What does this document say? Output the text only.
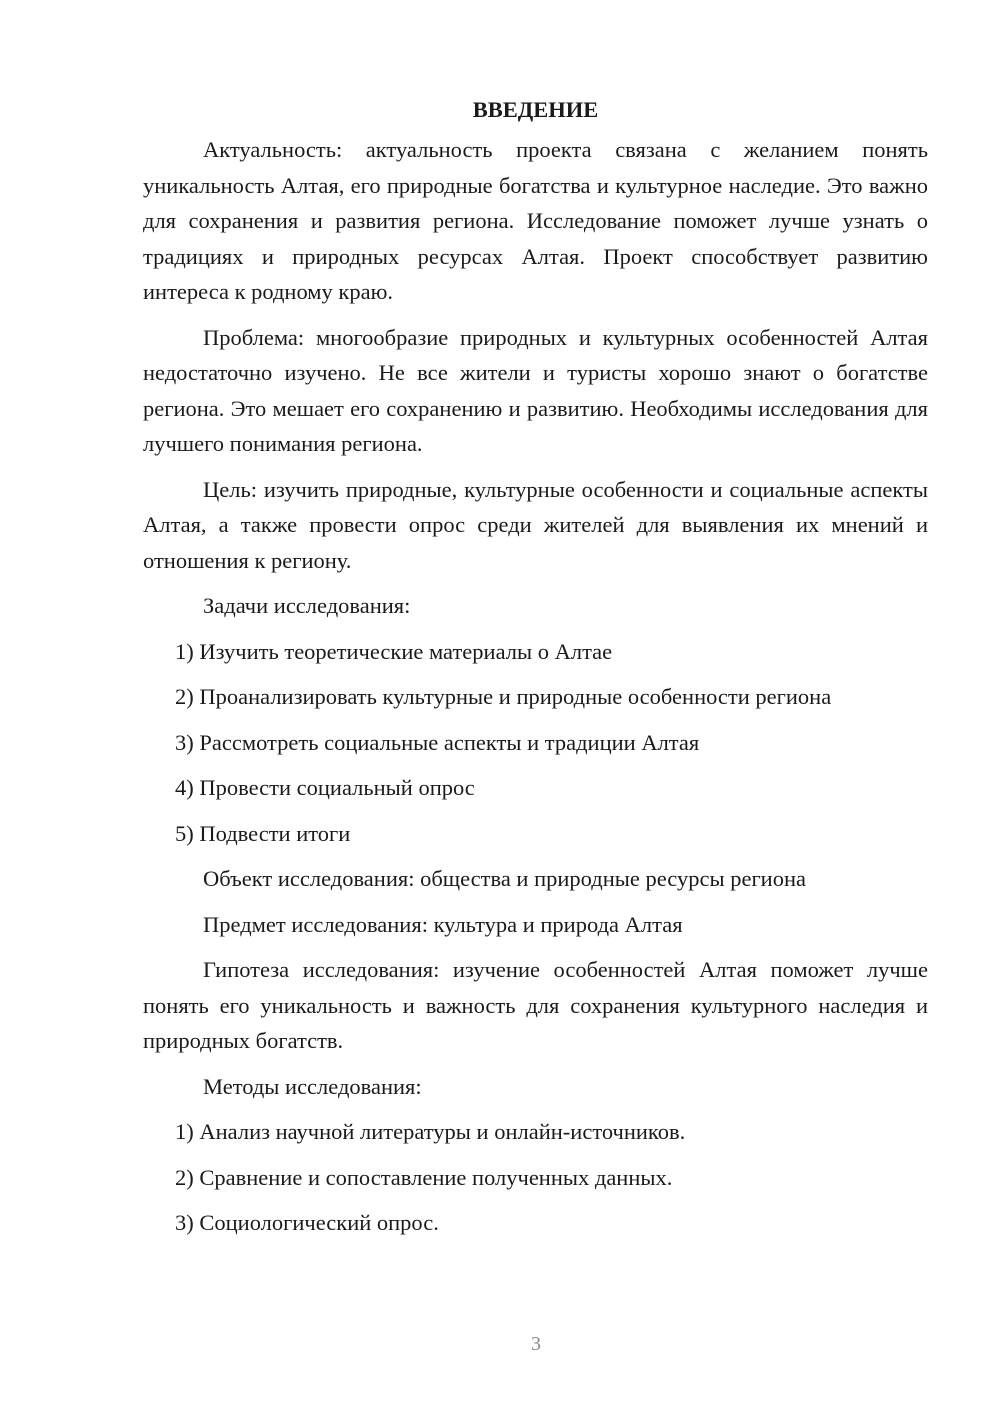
ВВЕДЕНИЕ

Актуальность: актуальность проекта связана с желанием понять уникальность Алтая, его природные богатства и культурное наследие. Это важно для сохранения и развития региона. Исследование поможет лучше узнать о традициях и природных ресурсах Алтая. Проект способствует развитию интереса к родному краю.

Проблема: многообразие природных и культурных особенностей Алтая недостаточно изучено. Не все жители и туристы хорошо знают о богатстве региона. Это мешает его сохранению и развитию. Необходимы исследования для лучшего понимания региона.

Цель: изучить природные, культурные особенности и социальные аспекты Алтая, а также провести опрос среди жителей для выявления их мнений и отношения к региону.

Задачи исследования:

1) Изучить теоретические материалы о Алтае

2) Проанализировать культурные и природные особенности региона

3) Рассмотреть социальные аспекты и традиции Алтая

4) Провести социальный опрос

5) Подвести итоги

Объект исследования: общества и природные ресурсы региона

Предмет исследования: культура и природа Алтая

Гипотеза исследования: изучение особенностей Алтая поможет лучше понять его уникальность и важность для сохранения культурного наследия и природных богатств.

Методы исследования:

1) Анализ научной литературы и онлайн-источников.

2) Сравнение и сопоставление полученных данных.

3) Социологический опрос.

3
